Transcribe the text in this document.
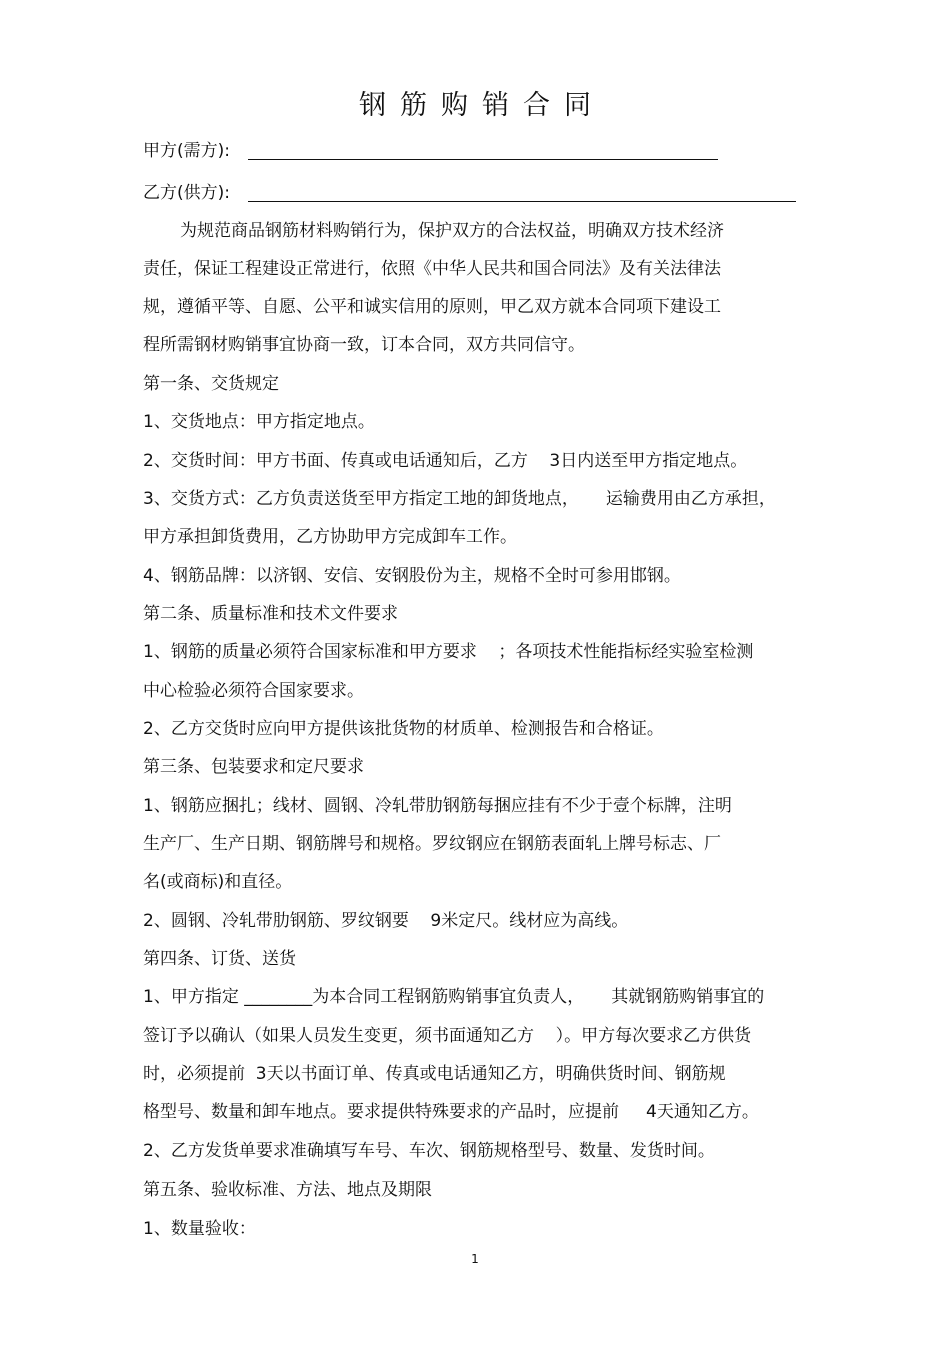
钢筋购销合同
甲方(需方):
乙方(供方):
为规范商品钢筋材料购销行为，保护双方的合法权益，明确双方技术经济
责任，保证工程建设正常进行，依照《中华人民共和国合同法》及有关法律法
规，遵循平等、自愿、公平和诚实信用的原则，甲乙双方就本合同项下建设工
程所需钢材购销事宜协商一致，订本合同，双方共同信守。
第一条、交货规定
1、交货地点：甲方指定地点。
2、交货时间：甲方书面、传真或电话通知后，乙方    3日内送至甲方指定地点。
3、交货方式：乙方负责送货至甲方指定工地的卸货地点，     运输费用由乙方承担，
甲方承担卸货费用，乙方协助甲方完成卸车工作。
4、钢筋品牌：以济钢、安信、安钢股份为主，规格不全时可参用邯钢。
第二条、质量标准和技术文件要求
1、钢筋的质量必须符合国家标准和甲方要求    ；各项技术性能指标经实验室检测
中心检验必须符合国家要求。
2、乙方交货时应向甲方提供该批货物的材质单、检测报告和合格证。
第三条、包装要求和定尺要求
1、钢筋应捆扎；线材、圆钢、冷轧带肋钢筋每捆应挂有不少于壹个标牌，注明
生产厂、生产日期、钢筋牌号和规格。罗纹钢应在钢筋表面轧上牌号标志、厂
名(或商标)和直径。
2、圆钢、冷轧带肋钢筋、罗纹钢要    9米定尺。线材应为高线。
第四条、订货、送货
1、甲方指定 ________为本合同工程钢筋购销事宜负责人，     其就钢筋购销事宜的
签订予以确认（如果人员发生变更，须书面通知乙方    ）。甲方每次要求乙方供货
时，必须提前  3天以书面订单、传真或电话通知乙方，明确供货时间、钢筋规
格型号、数量和卸车地点。要求提供特殊要求的产品时，应提前     4天通知乙方。
2、乙方发货单要求准确填写车号、车次、钢筋规格型号、数量、发货时间。
第五条、验收标准、方法、地点及期限
1、数量验收：
1
